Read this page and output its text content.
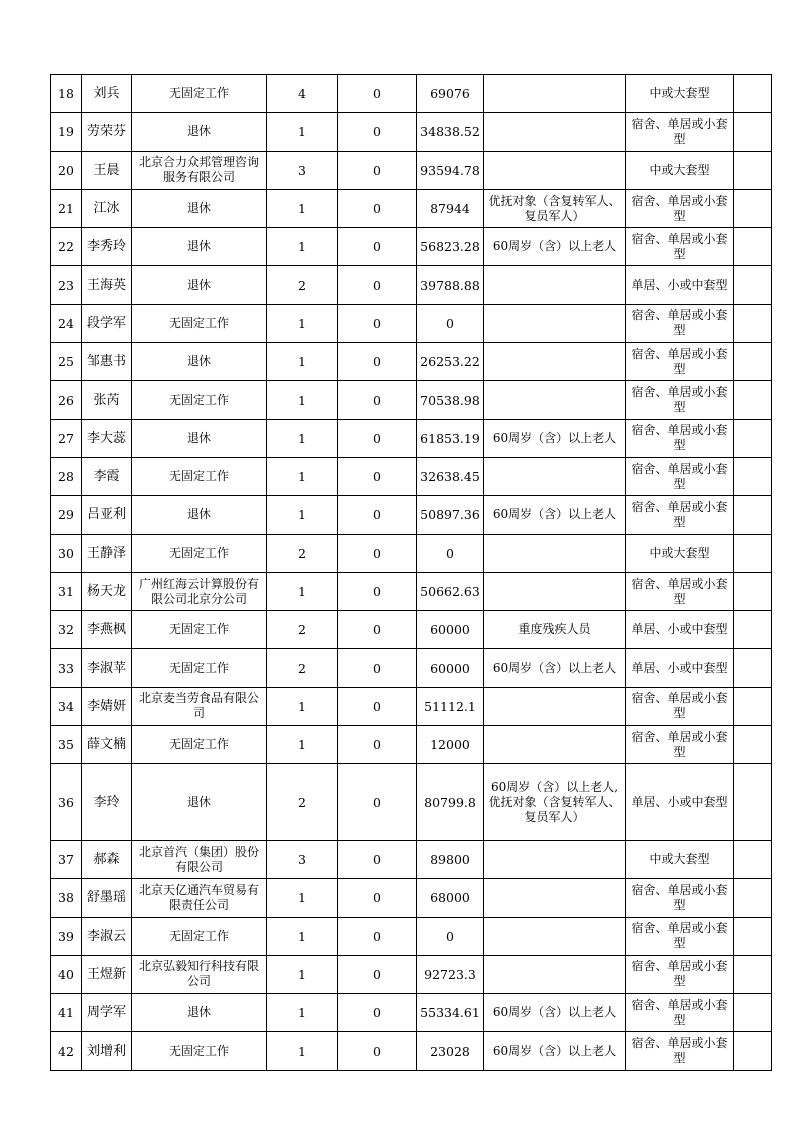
18	刘兵	无固定工作	4	0	69076		中或大套型	
19	劳荣芬	退休	1	0	34838.52		宿舍、单居或小套型	
20	王晨	北京合力众邦管理咨询服务有限公司	3	0	93594.78		中或大套型	
21	江冰	退休	1	0	87944	优抚对象（含复转军人、复员军人）	宿舍、单居或小套型	
22	李秀玲	退休	1	0	56823.28	60周岁（含）以上老人	宿舍、单居或小套型	
23	王海英	退休	2	0	39788.88		单居、小或中套型	
24	段学军	无固定工作	1	0	0		宿舍、单居或小套型	
25	邹惠书	退休	1	0	26253.22		宿舍、单居或小套型	
26	张芮	无固定工作	1	0	70538.98		宿舍、单居或小套型	
27	李大蕊	退休	1	0	61853.19	60周岁（含）以上老人	宿舍、单居或小套型	
28	李霞	无固定工作	1	0	32638.45		宿舍、单居或小套型	
29	吕亚利	退休	1	0	50897.36	60周岁（含）以上老人	宿舍、单居或小套型	
30	王静泽	无固定工作	2	0	0		中或大套型	
31	杨天龙	广州红海云计算股份有限公司北京分公司	1	0	50662.63		宿舍、单居或小套型	
32	李燕枫	无固定工作	2	0	60000	重度残疾人员	单居、小或中套型	
33	李淑苹	无固定工作	2	0	60000	60周岁（含）以上老人	单居、小或中套型	
34	李婧妍	北京麦当劳食品有限公司	1	0	51112.1		宿舍、单居或小套型	
35	薛文楠	无固定工作	1	0	12000		宿舍、单居或小套型	
36	李玲	退休	2	0	80799.8	60周岁（含）以上老人,优抚对象（含复转军人、复员军人）	单居、小或中套型	
37	郝森	北京首汽（集团）股份有限公司	3	0	89800		中或大套型	
38	舒墨瑶	北京天亿通汽车贸易有限责任公司	1	0	68000		宿舍、单居或小套型	
39	李淑云	无固定工作	1	0	0		宿舍、单居或小套型	
40	王煜新	北京弘毅知行科技有限公司	1	0	92723.3		宿舍、单居或小套型	
41	周学军	退休	1	0	55334.61	60周岁（含）以上老人	宿舍、单居或小套型	
42	刘增利	无固定工作	1	0	23028	60周岁（含）以上老人	宿舍、单居或小套型	
